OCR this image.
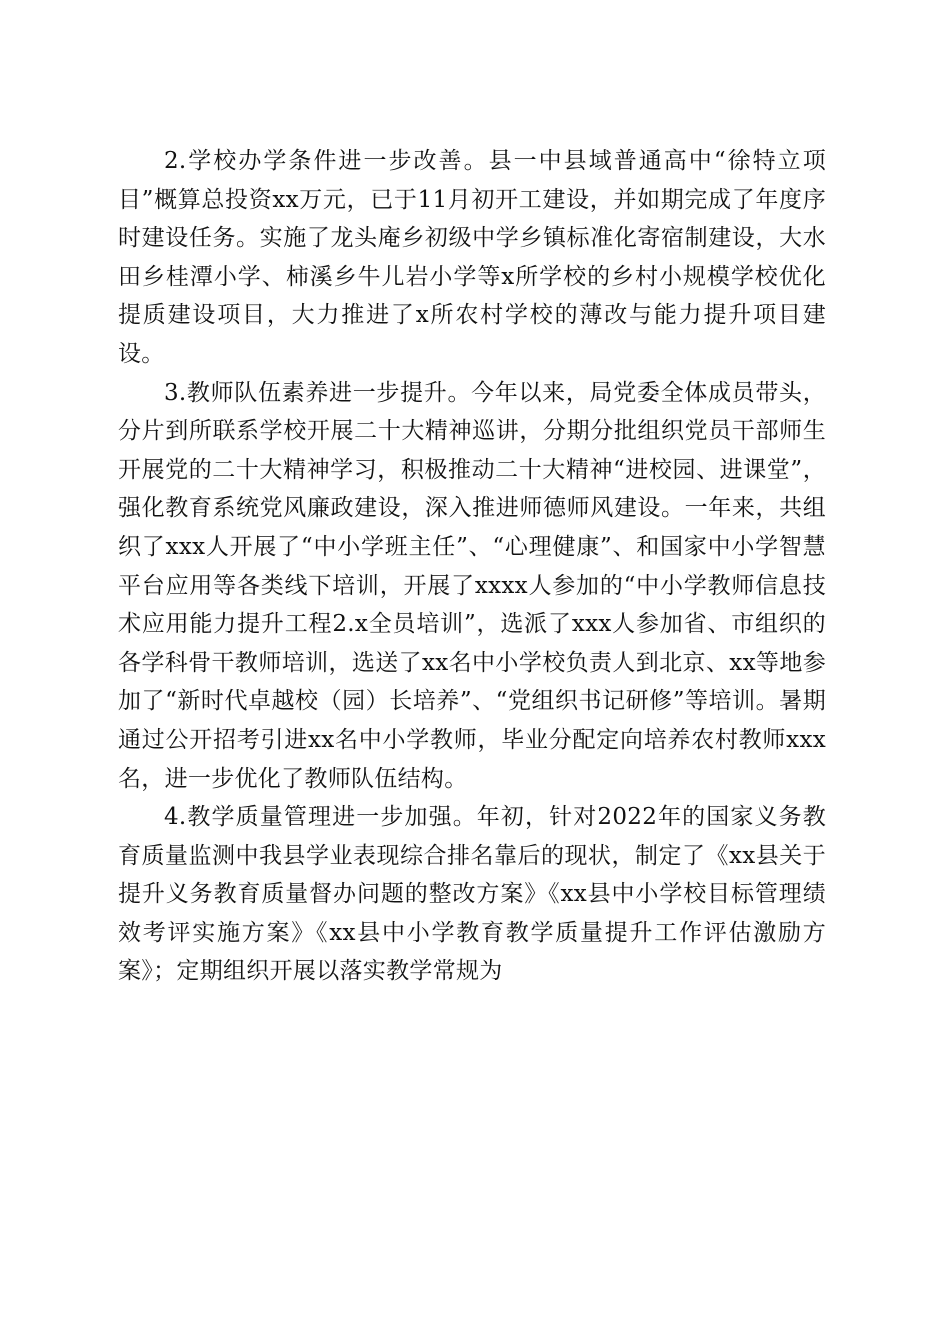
2.学校办学条件进一步改善。县一中县域普通高中“徐特立项目”概算总投资xx万元，已于11月初开工建设，并如期完成了年度序时建设任务。实施了龙头庵乡初级中学乡镇标准化寄宿制建设，大水田乡桂潭小学、柿溪乡牛儿岩小学等x所学校的乡村小规模学校优化提质建设项目，大力推进了x所农村学校的薄改与能力提升项目建设。

3.教师队伍素养进一步提升。今年以来，局党委全体成员带头，分片到所联系学校开展二十大精神巡讲，分期分批组织党员干部师生开展党的二十大精神学习，积极推动二十大精神“进校园、进课堂”，强化教育系统党风廉政建设，深入推进师德师风建设。一年来，共组织了xxx人开展了“中小学班主任”、“心理健康”、和国家中小学智慧平台应用等各类线下培训，开展了xxxx人参加的“中小学教师信息技术应用能力提升工程2.x全员培训”，选派了xxx人参加省、市组织的各学科骨干教师培训，选送了xx名中小学校负责人到北京、xx等地参加了“新时代卓越校（园）长培养”、“党组织书记研修”等培训。暑期通过公开招考引进xx名中小学教师，毕业分配定向培养农村教师xxx名，进一步优化了教师队伍结构。

4.教学质量管理进一步加强。年初，针对2022年的国家义务教育质量监测中我县学业表现综合排名靠后的现状，制定了《xx县关于提升义务教育质量督办问题的整改方案》《xx县中小学校目标管理绩效考评实施方案》《xx县中小学教育教学质量提升工作评估激励方案》；定期组织开展以落实教学常规为
